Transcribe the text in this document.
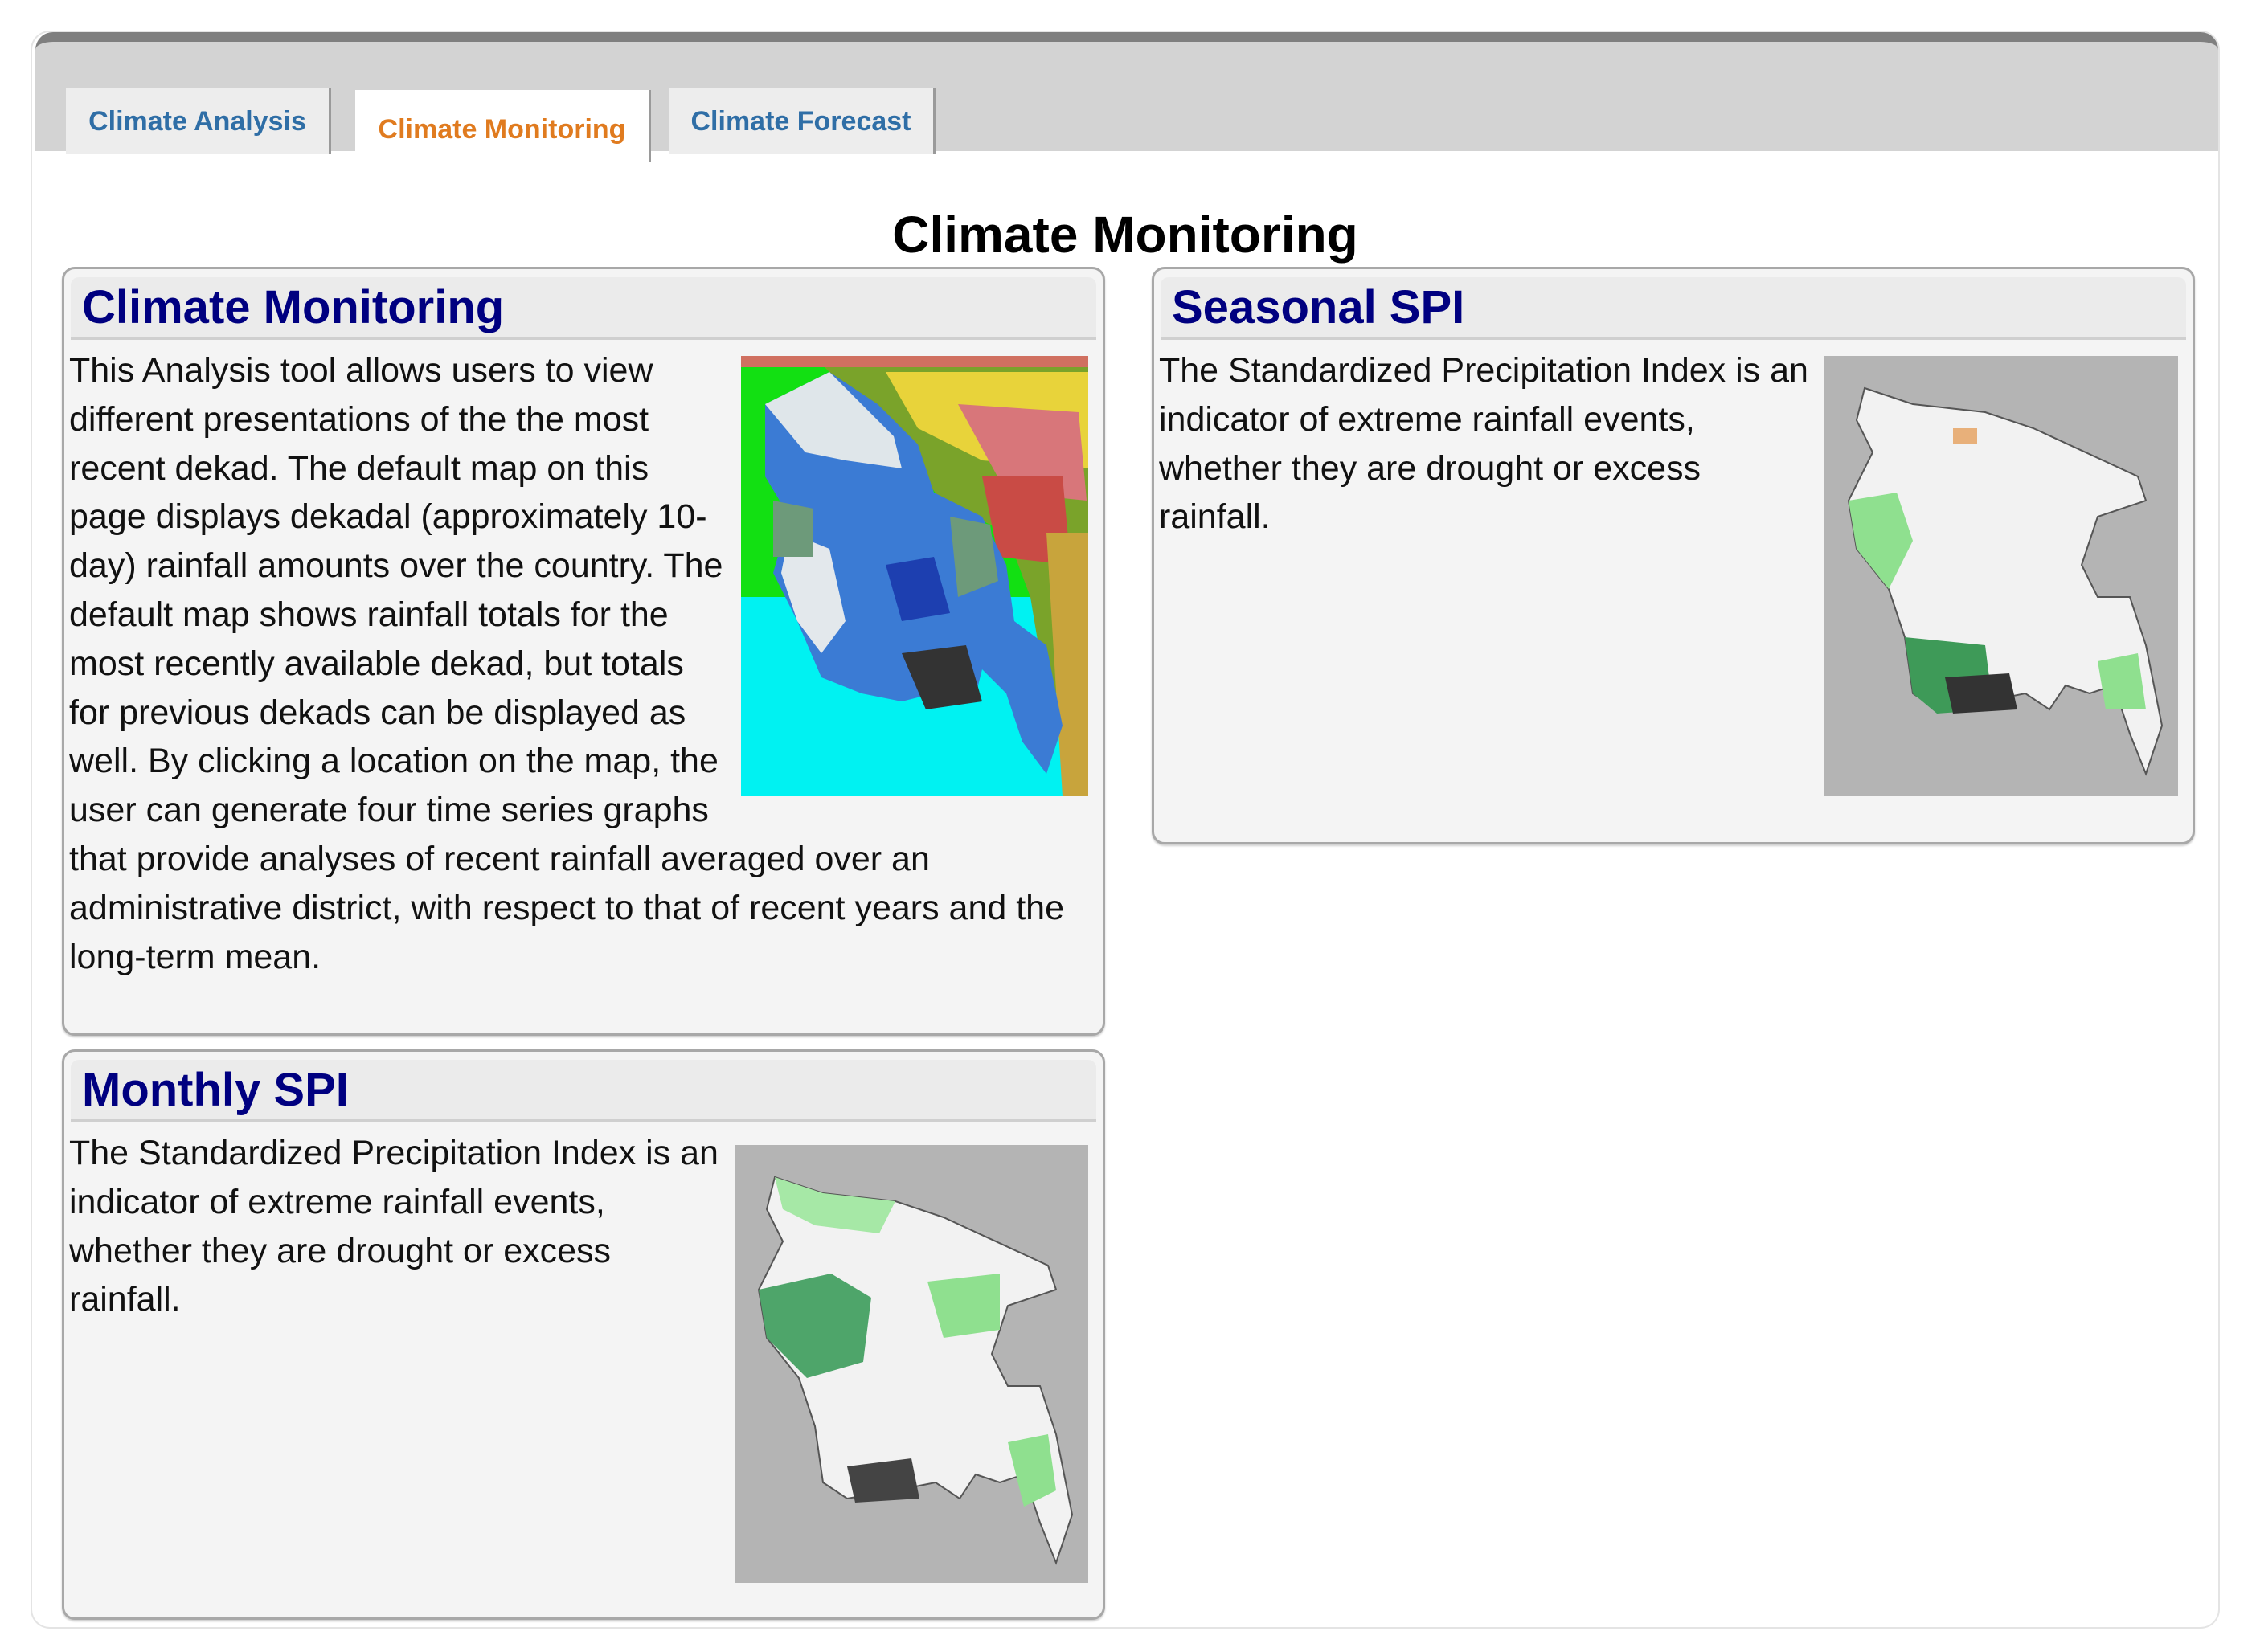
Climate Analysis	Climate Monitoring	Climate Forecast
Climate Monitoring
Climate Monitoring
This Analysis tool allows users to view different presentations of the the most recent dekad. The default map on this page displays dekadal (approximately 10-day) rainfall amounts over the country. The default map shows rainfall totals for the most recently available dekad, but totals for previous dekads can be displayed as well. By clicking a location on the map, the user can generate four time series graphs that provide analyses of recent rainfall averaged over an administrative district, with respect to that of recent years and the long-term mean.
Monthly SPI
The Standardized Precipitation Index is an indicator of extreme rainfall events, whether they are drought or excess rainfall.
Seasonal SPI
The Standardized Precipitation Index is an indicator of extreme rainfall events, whether they are drought or excess rainfall.
